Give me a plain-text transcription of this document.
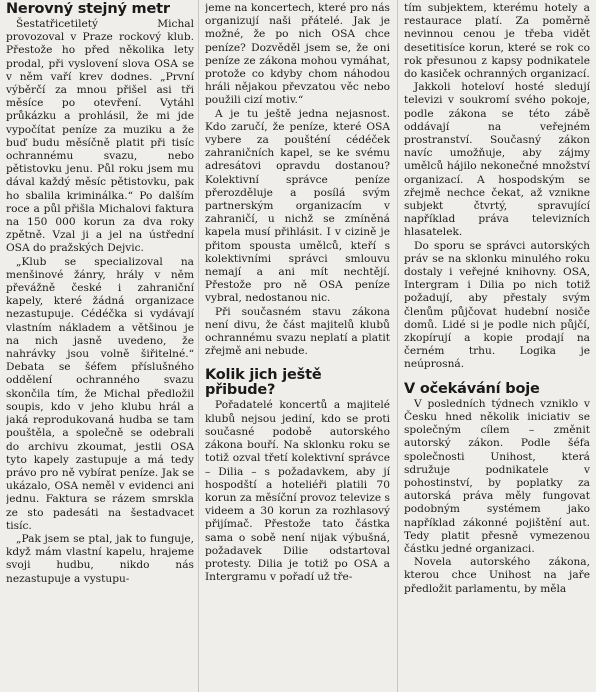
Nerovný stejný metr

Šestatřicetiletý Michal provozoval v Praze rockový klub. Přestože ho před několika lety prodal, při vyslovení slova OSA se v něm vaří krev dodnes. „První výběrčí za mnou přišel asi tři měsíce po otevření. Vytáhl průkázku a prohlásil, že mi jde vypočítat peníze za muziku a že buď budu měsíčně platit při tisíc ochrannému svazu, nebo pětistovku jenu. Půl roku jsem mu dával každý měsíc pětistovku, pak ho sbalila kriminálka.“ Po dalším roce a půl přišla Michalovi faktura na 150 000 korun za dva roky zpětně. Vzal ji a jel na ústřední OSA do pražských Dejvic.

„Klub se specializoval na menšinové žánry, hrály v něm převážně české i zahraniční kapely, které žádná organizace nezastupuje. Cédéčka si vydávají vlastním nákladem a většinou je na nich jasně uvedeno, že nahrávky jsou volně šiřitelné.“ Debata se šéfem příslušného oddělení ochranného svazu skončila tím, že Michal předložil soupis, kdo v jeho klubu hrál a jaká reprodukovaná hudba se tam pouštěla, a společně se odebrali do archivu zkoumat, jestli OSA tyto kapely zastupuje a má tedy právo pro ně vybírat peníze. Jak se ukázalo, OSA neměl v evidenci ani jednu. Faktura se rázem smrskla ze sto padesáti na šestadvacet tisíc.

„Pak jsem se ptal, jak to funguje, když mám vlastní kapelu, hrajeme svoji hudbu, nikdo nás nezastupuje a vystupu-

jeme na koncertech, které pro nás organizují naši přátelé. Jak je možné, že po nich OSA chce peníze? Dozvěděl jsem se, že oni peníze ze zákona mohou vymáhat, protože co kdyby chom náhodou hráli nějakou převzatou věc nebo použili cizí motiv.“

A je tu ještě jedna nejasnost. Kdo zaručí, že peníze, které OSA vybere za poušténí cédéček zahraničních kapel, se ke svému adresátovi opravdu dostanou? Kolektivní správce peníze přerozděluje a posílá svým partnerským organizacím v zahraničí, u nichž se zmíněná kapela musí přihlásit. I v cizině je přitom spousta umělců, kteří s kolektivními správci smlouvu nemají a ani mít nechtějí. Přestože pro ně OSA peníze vybral, nedostanou nic.

Při současném stavu zákona není divu, že část majitelů klubů ochrannému svazu neplatí a platit zřejmě ani nebude.

Kolik jich ještě přibude?

Pořadatelé koncertů a majitelé klubů nejsou jediní, kdo se proti současné podobě autorského zákona bouří. Na sklonku roku se totiž ozval třetí kolektivní správce – Dilia – s požadavkem, aby jí hospodští a hoteliéři platili 70 korun za měsíční provoz televize s videem a 30 korun za rozhlasový přijímač. Přestože tato částka sama o sobě není nijak výbušná, požadavek Dilie odstartoval protesty. Dilia je totiž po OSA a Intergramu v pořadí už tře-

tím subjektem, kterému hotely a restaurace platí. Za poměrně nevinnou cenou je třeba vidět desetitisíce korun, které se rok co rok přesunou z kapsy podnikatele do kasiček ochranných organizací.

Jakkoli hoteloví hosté sledují televizi v soukromí svého pokoje, podle zákona se této zábě oddávají na veřejném prostranství. Současný zákon navíc umožňuje, aby zájmy umělců hájilo nekonečné množství organizací. A hospodským se zřejmě nechce čekat, až vznikne subjekt čtvrtý, spravující například práva televizních hlasatelek.

Do sporu se správci autorských práv se na sklonku minulého roku dostaly i veřejné knihovny. OSA, Intergram i Dilia po nich totiž požadují, aby přestaly svým členům půjčovat hudební nosiče domů. Lidé si je podle nich půjčí, zkopírují a kopie prodají na černém trhu. Logika je neúprosná.

V očekávání boje

V posledních týdnech vzniklo v Česku hned několik iniciativ se společným cílem – změnit autorský zákon. Podle šéfa společnosti Unihost, která sdružuje podnikatele v pohostinství, by poplatky za autorská práva měly fungovat podobným systémem jako například zákonné pojištění aut. Tedy platit přesně vymezenou částku jedné organizaci.

Novela autorského zákona, kterou chce Unihost na jaře předložit parlamentu, by měla
